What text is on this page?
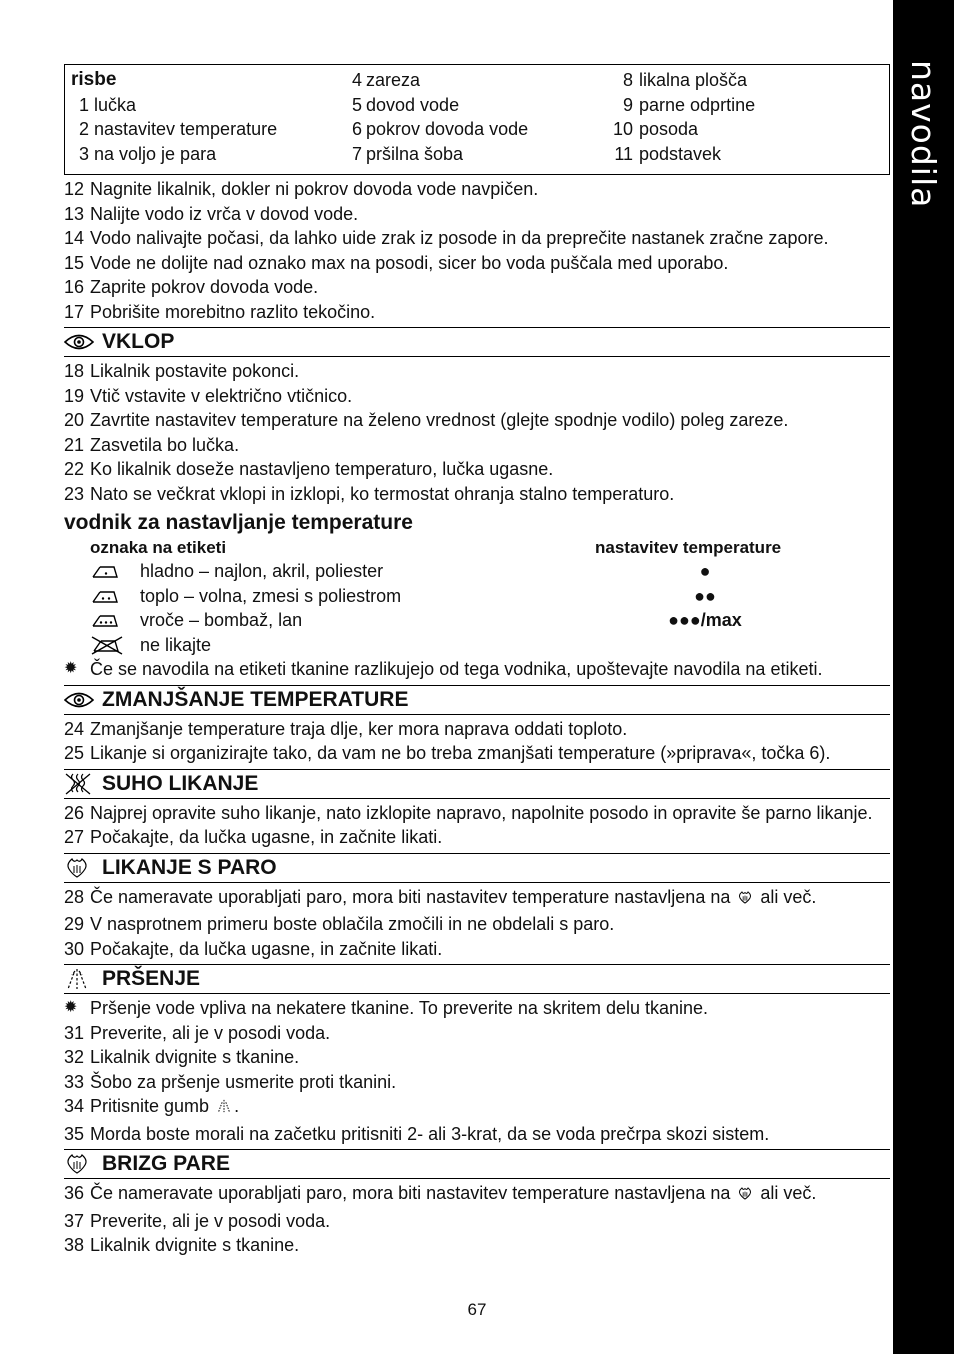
navodila
risbe
1 lučka
2 nastavitev temperature
3 na voljo je para
4 zareza
5 dovod vode
6 pokrov dovoda vode
7 pršilna šoba
8 likalna plošča
9 parne odprtine
10 posoda
11 podstavek
12 Nagnite likalnik, dokler ni pokrov dovoda vode navpičen.
13 Nalijte vodo iz vrča v dovod vode.
14 Vodo nalivajte počasi, da lahko uide zrak iz posode in da preprečite nastanek zračne zapore.
15 Vode ne dolijte nad oznako max na posodi, sicer bo voda puščala med uporabo.
16 Zaprite pokrov dovoda vode.
17 Pobrišite morebitno razlito tekočino.
VKLOP
18 Likalnik postavite pokonci.
19 Vtič vstavite v električno vtičnico.
20 Zavrtite nastavitev temperature na želeno vrednost (glejte spodnje vodilo) poleg zareze.
21 Zasvetila bo lučka.
22 Ko likalnik doseže nastavljeno temperaturo, lučka ugasne.
23 Nato se večkrat vklopi in izklopi, ko termostat ohranja stalno temperaturo.
vodnik za nastavljanje temperature
oznaka na etiketi	nastavitev temperature
hladno – najlon, akril, poliester	●
toplo – volna, zmesi s poliestrom	●●
vroče – bombaž, lan	●●●/max
ne likajte
✹ Če se navodila na etiketi tkanine razlikujejo od tega vodnika, upoštevajte navodila na etiketi.
ZMANJŠANJE TEMPERATURE
24 Zmanjšanje temperature traja dlje, ker mora naprava oddati toploto.
25 Likanje si organizirajte tako, da vam ne bo treba zmanjšati temperature (»priprava«, točka 6).
SUHO LIKANJE
26 Najprej opravite suho likanje, nato izklopite napravo, napolnite posodo in opravite še parno likanje.
27 Počakajte, da lučka ugasne, in začnite likati.
LIKANJE S PARO
28 Če nameravate uporabljati paro, mora biti nastavitev temperature nastavljena na ali več.
29 V nasprotnem primeru boste oblačila zmočili in ne obdelali s paro.
30 Počakajte, da lučka ugasne, in začnite likati.
PRŠENJE
✹ Pršenje vode vpliva na nekatere tkanine. To preverite na skritem delu tkanine.
31 Preverite, ali je v posodi voda.
32 Likalnik dvignite s tkanine.
33 Šobo za pršenje usmerite proti tkanini.
34 Pritisnite gumb .
35 Morda boste morali na začetku pritisniti 2- ali 3-krat, da se voda prečrpa skozi sistem.
BRIZG PARE
36 Če nameravate uporabljati paro, mora biti nastavitev temperature nastavljena na ali več.
37 Preverite, ali je v posodi voda.
38 Likalnik dvignite s tkanine.
67
